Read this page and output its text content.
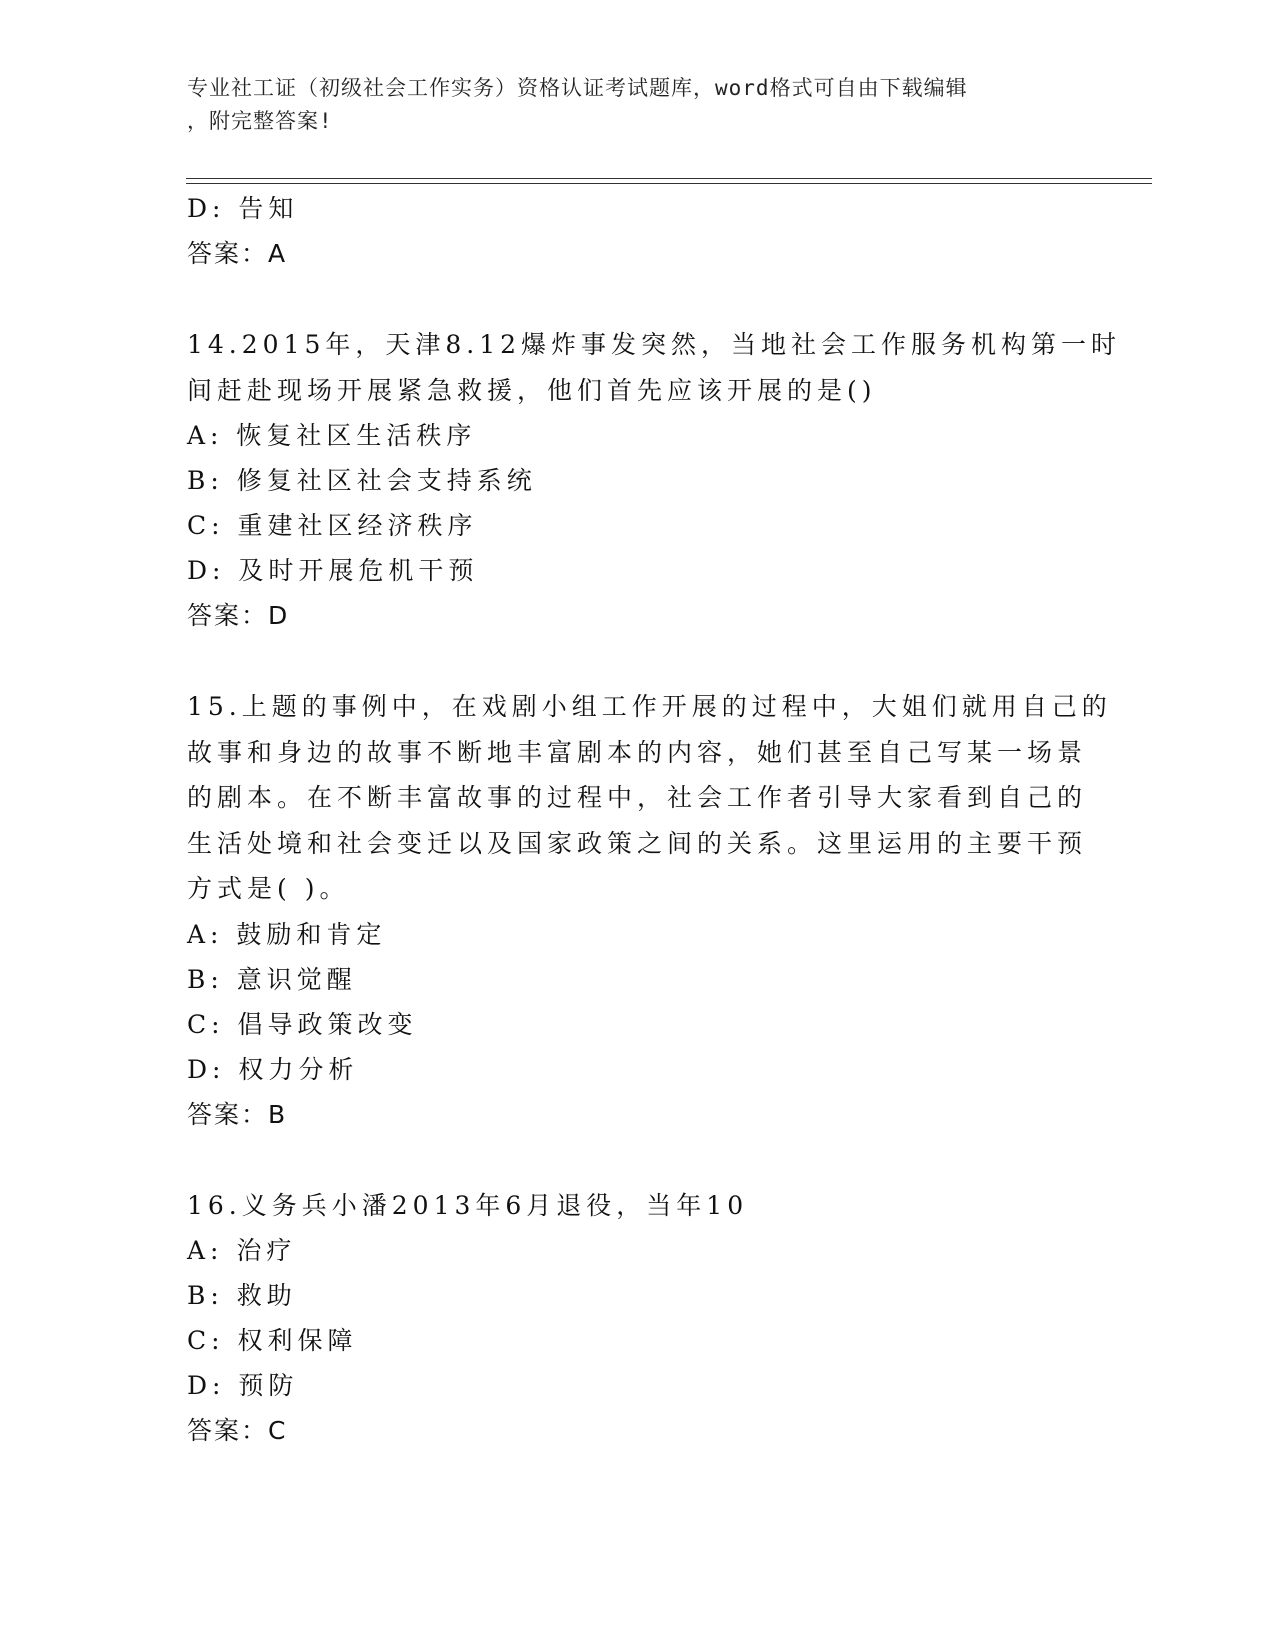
专业社工证（初级社会工作实务）资格认证考试题库，word格式可自由下载编辑
，附完整答案!
D: 告知
答案：A
14.2015年，天津8.12爆炸事发突然，当地社会工作服务机构第一时
间赶赴现场开展紧急救援，他们首先应该开展的是()
A: 恢复社区生活秩序
B: 修复社区社会支持系统
C: 重建社区经济秩序
D: 及时开展危机干预
答案：D
15.上题的事例中，在戏剧小组工作开展的过程中，大姐们就用自己的
故事和身边的故事不断地丰富剧本的内容，她们甚至自己写某一场景
的剧本。在不断丰富故事的过程中，社会工作者引导大家看到自己的
生活处境和社会变迁以及国家政策之间的关系。这里运用的主要干预
方式是( )。
A: 鼓励和肯定
B: 意识觉醒
C: 倡导政策改变
D: 权力分析
答案：B
16.义务兵小潘2013年6月退役，当年10
A: 治疗
B: 救助
C: 权利保障
D: 预防
答案：C
